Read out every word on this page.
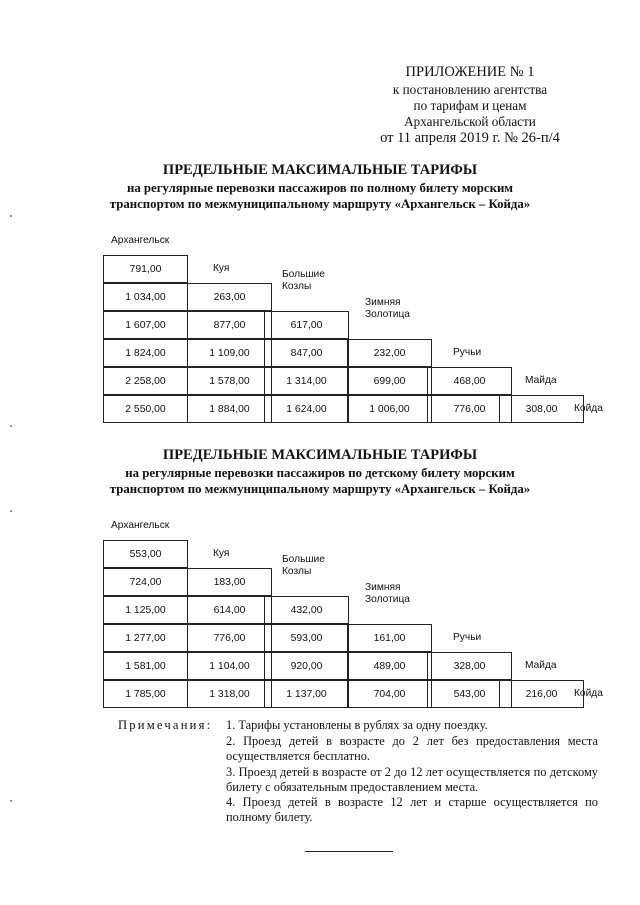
ПРИЛОЖЕНИЕ № 1
к постановлению агентства
по тарифам и ценам
Архангельской области
от 11 апреля 2019 г. № 26-п/4
ПРЕДЕЛЬНЫЕ МАКСИМАЛЬНЫЕ ТАРИФЫ
на регулярные перевозки пассажиров по полному билету морским
транспортом по межмуниципальному маршруту «Архангельск – Койда»
Архангельск
791,00	Куя
1 034,00	263,00
Большие
Козлы
1 607,00	877,00	617,00
Зимняя
Золотица
1 824,00	1 109,00	847,00	232,00	Ручьи
2 258,00	1 578,00	1 314,00	699,00	468,00	Майда
2 550,00	1 884,00	1 624,00	1 006,00	776,00	308,00	Койда
ПРЕДЕЛЬНЫЕ МАКСИМАЛЬНЫЕ ТАРИФЫ
на регулярные перевозки пассажиров по детскому билету морским
транспортом по межмуниципальному маршруту «Архангельск – Койда»
Архангельск
553,00	Куя
724,00	183,00
Большие
Козлы
1 125,00	614,00	432,00
Зимняя
Золотица
1 277,00	776,00	593,00	161,00	Ручьи
1 581,00	1 104,00	920,00	489,00	328,00	Майда
1 785,00	1 318,00	1 137,00	704,00	543,00	216,00	Койда
Примечания: 1. Тарифы установлены в рублях за одну поездку.
2. Проезд детей в возрасте до 2 лет без предоставления места осуществляется бесплатно.
3. Проезд детей в возрасте от 2 до 12 лет осуществляется по детскому билету с обязательным предоставлением места.
4. Проезд детей в возрасте 12 лет и старше осуществляется по полному билету.
